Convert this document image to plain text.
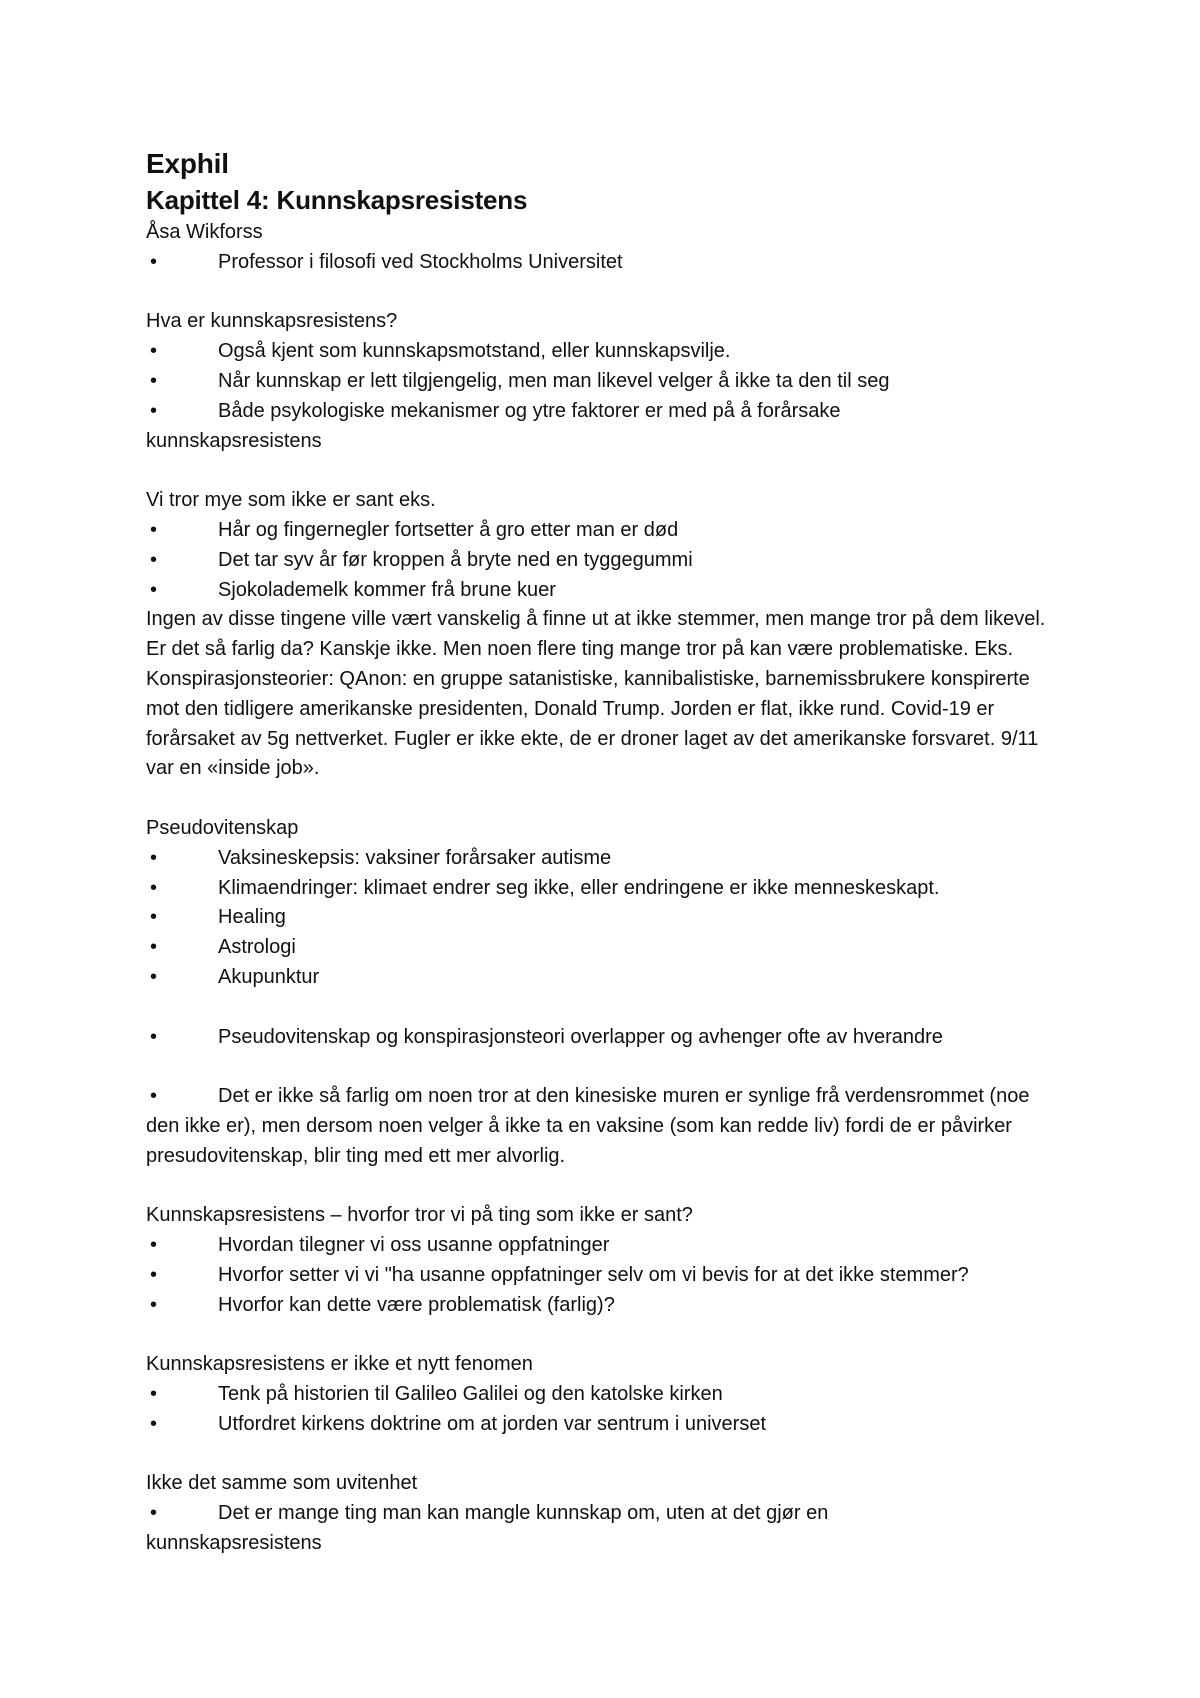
Exphil
Kapittel 4: Kunnskapsresistens
Åsa Wikforss
•	Professor i filosofi ved Stockholms Universitet
Hva er kunnskapsresistens?
•	Også kjent som kunnskapsmotstand, eller kunnskapsvilje.
•	Når kunnskap er lett tilgjengelig, men man likevel velger å ikke ta den til seg
•	Både psykologiske mekanismer og ytre faktorer er med på å forårsake kunnskapsresistens
Vi tror mye som ikke er sant eks.
•	Hår og fingernegler fortsetter å gro etter man er død
•	Det tar syv år før kroppen å bryte ned en tyggegummi
•	Sjokolademelk kommer frå brune kuer
Ingen av disse tingene ville vært vanskelig å finne ut at ikke stemmer, men mange tror på dem likevel. Er det så farlig da? Kanskje ikke. Men noen flere ting mange tror på kan være problematiske. Eks. Konspirasjonsteorier: QAnon: en gruppe satanistiske, kannibalistiske, barnemissbrukere konspirerte mot den tidligere amerikanske presidenten, Donald Trump. Jorden er flat, ikke rund. Covid-19 er forårsaket av 5g nettverket. Fugler er ikke ekte, de er droner laget av det amerikanske forsvaret. 9/11 var en «inside job».
Pseudovitenskap
•	Vaksineskepsis: vaksiner forårsaker autisme
•	Klimaendringer: klimaet endrer seg ikke, eller endringene er ikke menneskeskapt.
•	Healing
•	Astrologi
•	Akupunktur
•	Pseudovitenskap og konspirasjonsteori overlapper og avhenger ofte av hverandre
•	Det er ikke så farlig om noen tror at den kinesiske muren er synlige frå verdensrommet (noe den ikke er), men dersom noen velger å ikke ta en vaksine (som kan redde liv) fordi de er påvirker presudovitenskap, blir ting med ett mer alvorlig.
Kunnskapsresistens – hvorfor tror vi på ting som ikke er sant?
•	Hvordan tilegner vi oss usanne oppfatninger
•	Hvorfor setter vi vi "ha usanne oppfatninger selv om vi bevis for at det ikke stemmer?
•	Hvorfor kan dette være problematisk (farlig)?
Kunnskapsresistens er ikke et nytt fenomen
•	Tenk på historien til Galileo Galilei og den katolske kirken
•	Utfordret kirkens doktrine om at jorden var sentrum i universet
Ikke det samme som uvitenhet
•	Det er mange ting man kan mangle kunnskap om, uten at det gjør en kunnskapsresistens
